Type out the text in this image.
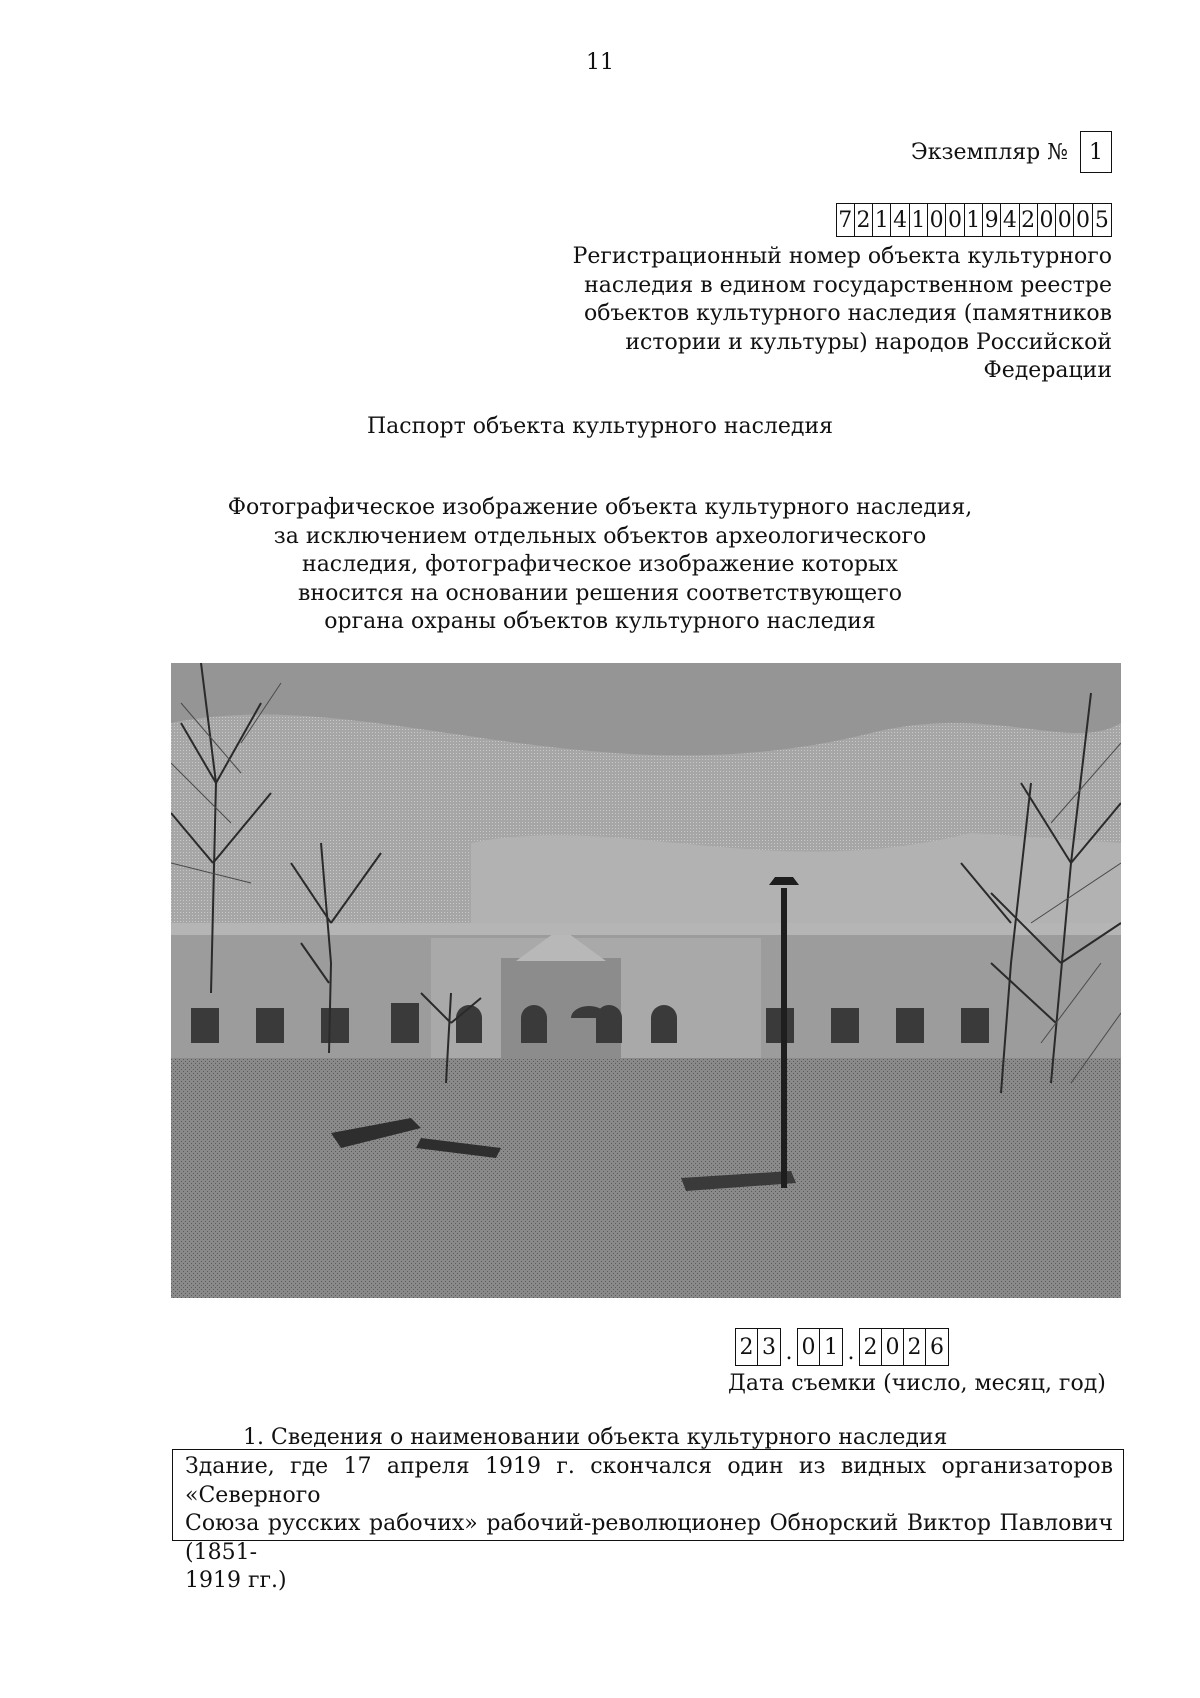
11
Экземпляр № 1
7 2 1 4 1 0 0 1 9 4 2 0 0 0 5
Регистрационный номер объекта культурного
наследия в едином государственном реестре
объектов культурного наследия (памятников
истории и культуры) народов Российской Федерации
Паспорт объекта культурного наследия
Фотографическое изображение объекта культурного наследия,
за исключением отдельных объектов археологического
наследия, фотографическое изображение которых
вносится на основании решения соответствующего
органа охраны объектов культурного наследия
2 3 . 0 1 . 2 0 2 6
Дата съемки (число, месяц, год)
1. Сведения о наименовании объекта культурного наследия
Здание, где 17 апреля 1919 г. скончался один из видных организаторов «Северного
Союза русских рабочих» рабочий-революционер Обнорский Виктор Павлович (1851-
1919 гг.)
